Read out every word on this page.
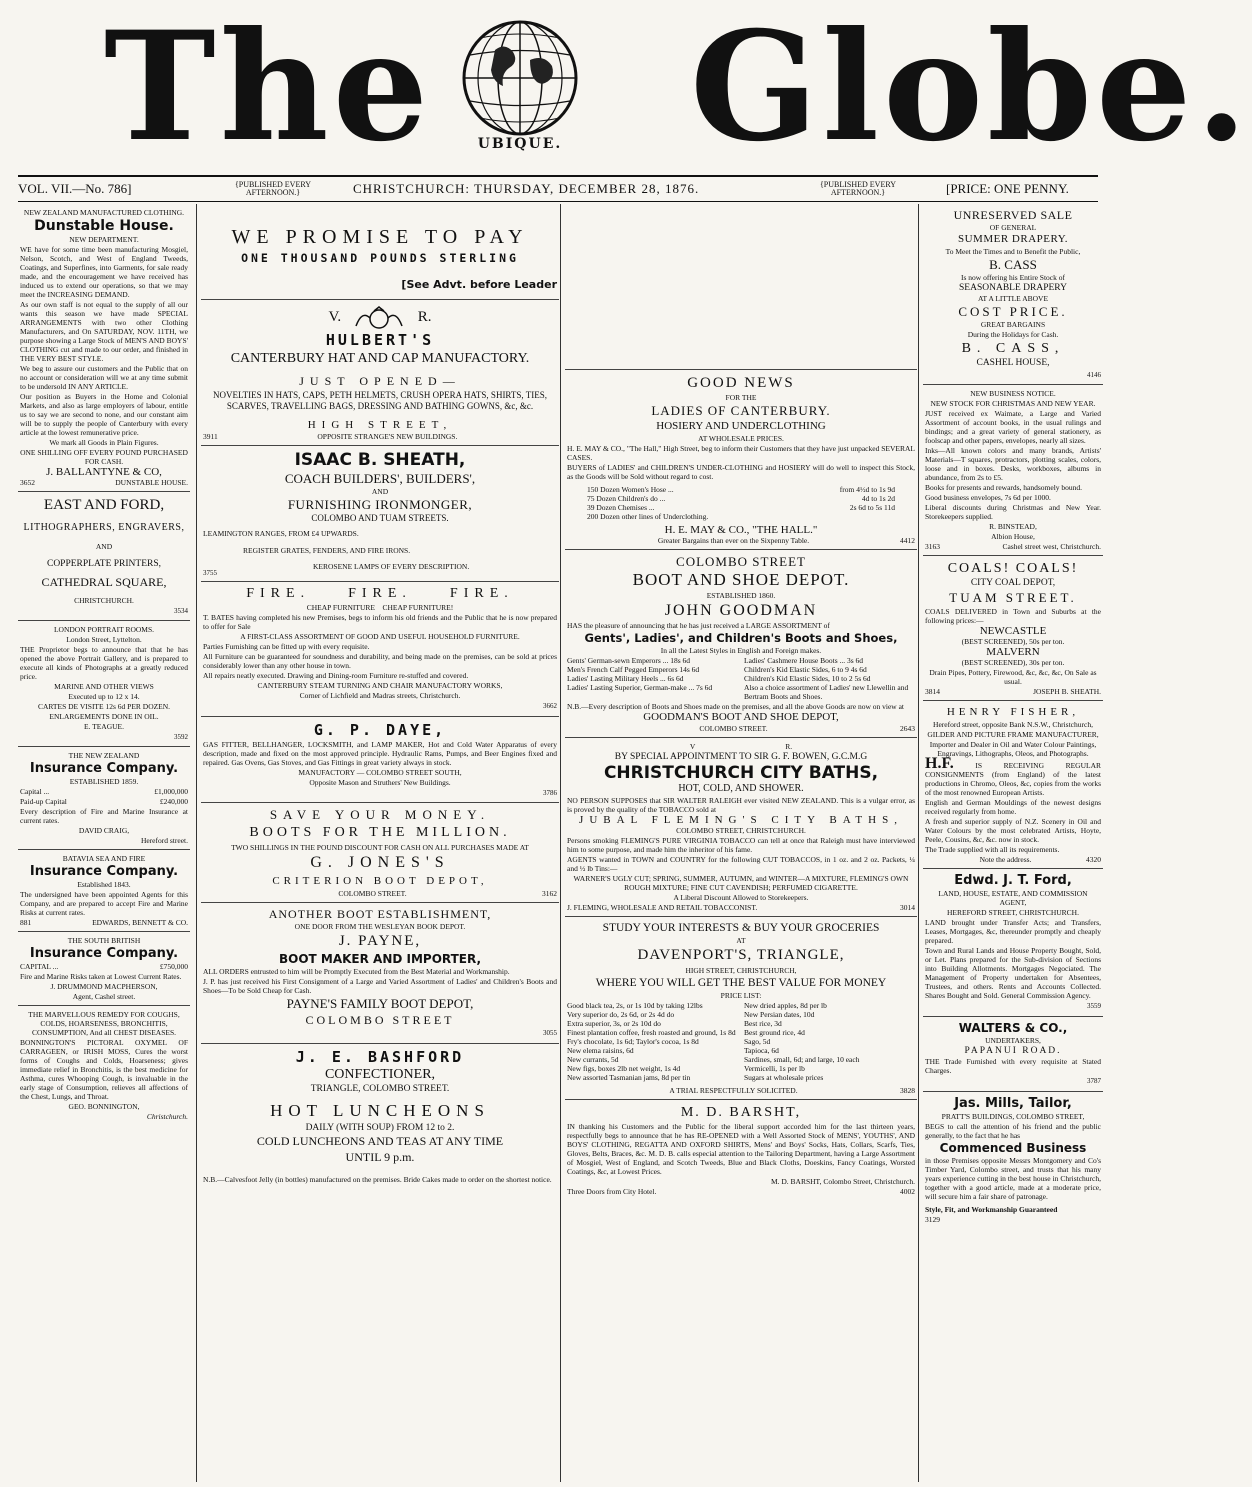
The	UBIQUE. Globe.
VOL. VII.—No. 786]	{PUBLISHED EVERY AFTERNOON.}	CHRISTCHURCH: THURSDAY, DECEMBER 28, 1876.	{PUBLISHED EVERY AFTERNOON.}	[PRICE: ONE PENNY.

NEW ZEALAND MANUFACTURED CLOTHING.

Dunstable House.

NEW DEPARTMENT.

WE have for some time been manufacturing Mosgiel, Nelson, Scotch, and West of England Tweeds, Coatings, and Superfines, into Garments, for sale ready made, and the encouragement we have received has induced us to extend our operations, so that we may meet the INCREASING DEMAND.

As our own staff is not equal to the supply of all our wants this season we have made SPECIAL ARRANGEMENTS with two other Clothing Manufacturers, and On SATURDAY, NOV. 11TH, we purpose showing a Large Stock of MEN'S AND BOYS' CLOTHING cut and made to our order, and finished in THE VERY BEST STYLE.

We beg to assure our customers and the Public that on no account or consideration will we at any time submit to be undersold IN ANY ARTICLE.

Our position as Buyers in the Home and Colonial Markets, and also as large employers of labour, entitle us to say we are second to none, and our constant aim will be to supply the people of Canterbury with every article at the lowest remunerative price.

We mark all Goods in Plain Figures.

ONE SHILLING OFF EVERY POUND PURCHASED FOR CASH.

J. BALLANTYNE & CO,

3652	DUNSTABLE HOUSE.

EAST AND FORD,

LITHOGRAPHERS, ENGRAVERS,

AND

COPPERPLATE PRINTERS,

CATHEDRAL SQUARE,

CHRISTCHURCH.

3534

LONDON PORTRAIT ROOMS.

London Street, Lyttelton.

THE Proprietor begs to announce that that he has opened the above Portrait Gallery, and is prepared to execute all kinds of Photographs at a greatly reduced price.

MARINE AND OTHER VIEWS

Executed up to 12 x 14.

CARTES DE VISITE 12s 6d PER DOZEN.

ENLARGEMENTS DONE IN OIL.

E. TEAGUE.

3592

THE NEW ZEALAND

Insurance Company.

ESTABLISHED 1859.

Capital ...	£1,000,000

Paid-up Capital	£240,000

Every description of Fire and Marine Insurance at current rates.

DAVID CRAIG,

Hereford street.

BATAVIA SEA AND FIRE

Insurance Company.

Established 1843.

The undersigned have been appointed Agents for this Company, and are prepared to accept Fire and Marine Risks at current rates.

881	EDWARDS, BENNETT & CO.

THE SOUTH BRITISH

Insurance Company.

CAPITAL ...	£750,000

Fire and Marine Risks taken at Lowest Current Rates.

J. DRUMMOND MACPHERSON,

Agent, Cashel street.

THE MARVELLOUS REMEDY FOR COUGHS, COLDS, HOARSENESS, BRONCHITIS, CONSUMPTION, And all CHEST DISEASES.

BONNINGTON'S PICTORAL OXYMEL OF CARRAGEEN, or IRISH MOSS, Cures the worst forms of Coughs and Colds, Hoarseness; gives immediate relief in Bronchitis, is the best medicine for Asthma, cures Whooping Cough, is invaluable in the early stage of Consumption, relieves all affections of the Chest, Lungs, and Throat.

GEO. BONNINGTON,

Christchurch.

WE PROMISE TO PAY

ONE THOUSAND POUNDS STERLING

[See Advt. before Leader

V.	R.

HULBERT'S

CANTERBURY HAT AND CAP MANUFACTORY.

JUST OPENED—

NOVELTIES IN HATS, CAPS, PETH HELMETS, CRUSH OPERA HATS, SHIRTS, TIES, SCARVES, TRAVELLING BAGS, DRESSING AND BATHING GOWNS, &c, &c.

HIGH STREET,

3911	OPPOSITE STRANGE'S NEW BUILDINGS.

ISAAC B. SHEATH,

COACH BUILDERS', BUILDERS',

AND

FURNISHING IRONMONGER,

COLOMBO AND TUAM STREETS.

LEAMINGTON RANGES, FROM £4 UPWARDS.

REGISTER GRATES, FENDERS, AND FIRE IRONS.

KEROSENE LAMPS OF EVERY DESCRIPTION.

3755

FIRE.    FIRE.    FIRE.

CHEAP FURNITURE    CHEAP FURNITURE!

T. BATES having completed his new Premises, begs to inform his old friends and the Public that he is now prepared to offer for Sale

A FIRST-CLASS ASSORTMENT OF GOOD AND USEFUL HOUSEHOLD FURNITURE.

Parties Furnishing can be fitted up with every requisite.

All Furniture can be guaranteed for soundness and durability, and being made on the premises, can be sold at prices considerably lower than any other house in town.

All repairs neatly executed. Drawing and Dining-room Furniture re-stuffed and covered.

CANTERBURY STEAM TURNING AND CHAIR MANUFACTORY WORKS,

Corner of Lichfield and Madras streets, Christchurch.

3662

G. P. DAYE,

GAS FITTER, BELLHANGER, LOCKSMITH, and LAMP MAKER, Hot and Cold Water Apparatus of every description, made and fixed on the most approved principle. Hydraulic Rams, Pumps, and Beer Engines fixed and repaired. Gas Ovens, Gas Stoves, and Gas Fittings in great variety always in stock.

MANUFACTORY — COLOMBO STREET SOUTH,

Opposite Mason and Struthers' New Buildings.

3786

SAVE YOUR MONEY.

BOOTS FOR THE MILLION.

TWO SHILLINGS IN THE POUND DISCOUNT FOR CASH ON ALL PURCHASES MADE AT

G. JONES'S

CRITERION BOOT DEPOT,

COLOMBO STREET.	3162

ANOTHER BOOT ESTABLISHMENT,

ONE DOOR FROM THE WESLEYAN BOOK DEPOT.

J. PAYNE,

BOOT MAKER AND IMPORTER,

ALL ORDERS entrusted to him will be Promptly Executed from the Best Material and Workmanship.

J. P. has just received his First Consignment of a Large and Varied Assortment of Ladies' and Children's Boots and Shoes—To be Sold Cheap for Cash.

PAYNE'S FAMILY BOOT DEPOT,

COLOMBO STREET

3055

J. E. BASHFORD

CONFECTIONER,

TRIANGLE, COLOMBO STREET.

HOT LUNCHEONS

DAILY (WITH SOUP) FROM 12 to 2.

COLD LUNCHEONS AND TEAS AT ANY TIME

UNTIL 9 p.m.

N.B.—Calvesfoot Jelly (in bottles) manufactured on the premises. Bride Cakes made to order on the shortest notice.

GOOD NEWS

FOR THE

LADIES OF CANTERBURY.

HOSIERY AND UNDERCLOTHING

AT WHOLESALE PRICES.

H. E. MAY & CO., "The Hall," High Street, beg to inform their Customers that they have just unpacked SEVERAL CASES.

BUYERS of LADIES' and CHILDREN'S UNDER-CLOTHING and HOSIERY will do well to inspect this Stock, as the Goods will be Sold without regard to cost.

150 Dozen Women's Hose ...	from 4½d to 1s 9d
75 Dozen Children's do ...	4d to 1s 2d
39 Dozen Chemises ...	2s 6d to 5s 11d
200 Dozen other lines of Underclothing.

H. E. MAY & CO., "THE HALL."

Greater Bargains than ever on the Sixpenny Table.	4412

COLOMBO STREET

BOOT AND SHOE DEPOT.

ESTABLISHED 1860.

JOHN GOODMAN

HAS the pleasure of announcing that he has just received a LARGE ASSORTMENT of

Gents', Ladies', and Children's Boots and Shoes,

In all the Latest Styles in English and Foreign makes.

Gents' German-sewn Emperors ... 18s 6d
Men's French Calf Pegged Emperors 14s 6d
Ladies' Lasting Military Heels ... 6s 6d
Ladies' Lasting Superior, German-make ... 7s 6d
Ladies' Cashmere House Boots ... 3s 6d
Children's Kid Elastic Sides, 6 to 9 4s 6d
Children's Kid Elastic Sides, 10 to 2 5s 6d
Also a choice assortment of Ladies' new Llewellin and Bertram Boots and Shoes.

N.B.—Every description of Boots and Shoes made on the premises, and all the above Goods are now on view at

GOODMAN'S BOOT AND SHOE DEPOT,

COLOMBO STREET.	2643

V	R.

BY SPECIAL APPOINTMENT TO SIR G. F. BOWEN, G.C.M.G

CHRISTCHURCH CITY BATHS,

HOT, COLD, AND SHOWER.

NO PERSON SUPPOSES that SIR WALTER RALEIGH ever visited NEW ZEALAND. This is a vulgar error, as is proved by the quality of the TOBACCO sold at

JUBAL FLEMING'S CITY BATHS,

COLOMBO STREET, CHRISTCHURCH.

Persons smoking FLEMING'S PURE VIRGINIA TOBACCO can tell at once that Raleigh must have interviewed him to some purpose, and made him the inheritor of his fame.

AGENTS wanted in TOWN and COUNTRY for the following CUT TOBACCOS, in 1 oz. and 2 oz. Packets, ¼ and ½ lb Tins:—

WARNER'S UGLY CUT; SPRING, SUMMER, AUTUMN, and WINTER—A MIXTURE, FLEMING'S OWN ROUGH MIXTURE; FINE CUT CAVENDISH; PERFUMED CIGARETTE.

A Liberal Discount Allowed to Storekeepers.

J. FLEMING, WHOLESALE AND RETAIL TOBACCONIST.	3014

STUDY YOUR INTERESTS & BUY YOUR GROCERIES

AT

DAVENPORT'S, TRIANGLE,

HIGH STREET, CHRISTCHURCH,

WHERE YOU WILL GET THE BEST VALUE FOR MONEY

PRICE LIST:

Good black tea, 2s, or 1s 10d by taking 12lbs
Very superior do, 2s 6d, or 2s 4d do
Extra superior, 3s, or 2s 10d do
Finest plantation coffee, fresh roasted and ground, 1s 8d
Fry's chocolate, 1s 6d; Taylor's cocoa, 1s 8d
New elema raisins, 6d
New currants, 5d
New figs, boxes 2lb net weight, 1s 4d
New assorted Tasmanian jams, 8d per tin
New dried apples, 8d per lb
New Persian dates, 10d
Best rice, 3d
Best ground rice, 4d
Sago, 5d
Tapioca, 6d
Sardines, small, 6d; and large, 10 each
Vermicelli, 1s per lb
Sugars at wholesale prices

A TRIAL RESPECTFULLY SOLICITED.	3828

M. D. BARSHT,

IN thanking his Customers and the Public for the liberal support accorded him for the last thirteen years, respectfully begs to announce that he has RE-OPENED with a Well Assorted Stock of MENS', YOUTHS', AND BOYS' CLOTHING, REGATTA AND OXFORD SHIRTS, Mens' and Boys' Socks, Hats, Collars, Scarfs, Ties, Gloves, Belts, Braces, &c. M. D. B. calls especial attention to the Tailoring Department, having a Large Assortment of Mosgiel, West of England, and Scotch Tweeds, Blue and Black Cloths, Doeskins, Fancy Coatings, Worsted Coatings, &c, at Lowest Prices.

M. D. BARSHT, Colombo Street, Christchurch.

Three Doors from City Hotel.	4002

UNRESERVED SALE

OF GENERAL

SUMMER DRAPERY.

To Meet the Times and to Benefit the Public,

B. CASS

Is now offering his Entire Stock of

SEASONABLE DRAPERY

AT A LITTLE ABOVE

COST PRICE.

GREAT BARGAINS

During the Holidays for Cash.

B. CASS,

CASHEL HOUSE,

4146

NEW BUSINESS NOTICE.

NEW STOCK FOR CHRISTMAS AND NEW YEAR.

JUST received ex Waimate, a Large and Varied Assortment of account books, in the usual rulings and bindings; and a great variety of general stationery, as foolscap and other papers, envelopes, nearly all sizes.

Inks—All known colors and many brands, Artists' Materials—T squares, protractors, plotting scales, colors, loose and in boxes. Desks, workboxes, albums in abundance, from 2s to £5.

Books for presents and rewards, handsomely bound.

Good business envelopes, 7s 6d per 1000.

Liberal discounts during Christmas and New Year. Storekeepers supplied.

R. BINSTEAD,

Albion House,

3163	Cashel street west, Christchurch.

COALS! COALS!

CITY COAL DEPOT,

TUAM STREET.

COALS DELIVERED in Town and Suburbs at the following prices:—

NEWCASTLE

(BEST SCREENED), 50s per ton.

MALVERN

(BEST SCREENED), 30s per ton.

Drain Pipes, Pottery, Firewood, &c, &c, &c, On Sale as usual.

3814	JOSEPH B. SHEATH.

HENRY FISHER,

Hereford street, opposite Bank N.S.W., Christchurch,

GILDER AND PICTURE FRAME MANUFACTURER,

Importer and Dealer in Oil and Water Colour Paintings, Engravings, Lithographs, Oleos, and Photographs.

H.F.	IS RECEIVING REGULAR CONSIGNMENTS (from England) of the latest productions in Chromo, Oleos, &c, copies from the works of the most renowned European Artists.

English and German Mouldings of the newest designs received regularly from home.

A fresh and superior supply of N.Z. Scenery in Oil and Water Colours by the most celebrated Artists, Hoyte, Peele, Cousins, &c, &c. now in stock.

The Trade supplied with all its requirements.

Note the address.	4320

Edwd. J. T. Ford,

LAND, HOUSE, ESTATE, AND COMMISSION AGENT,

HEREFORD STREET, CHRISTCHURCH.

LAND brought under Transfer Acts; and Transfers, Leases, Mortgages, &c, thereunder promptly and cheaply prepared.

Town and Rural Lands and House Property Bought, Sold, or Let. Plans prepared for the Sub-division of Sections into Building Allotments. Mortgages Negociated. The Management of Property undertaken for Absentees, Trustees, and others. Rents and Accounts Collected. Shares Bought and Sold. General Commission Agency.

3559

WALTERS & CO.,

UNDERTAKERS,

PAPANUI ROAD.

THE Trade Furnished with every requisite at Stated Charges.

3787

Jas. Mills, Tailor,

PRATT'S BUILDINGS, COLOMBO STREET,

BEGS to call the attention of his friend and the public generally, to the fact that he has

Commenced Business

in those Premises opposite Messrs Montgomery and Co's Timber Yard, Colombo street, and trusts that his many years experience cutting in the best house in Christchurch, together with a good article, made at a moderate price, will secure him a fair share of patronage.

Style, Fit, and Workmanship Guaranteed

3129
